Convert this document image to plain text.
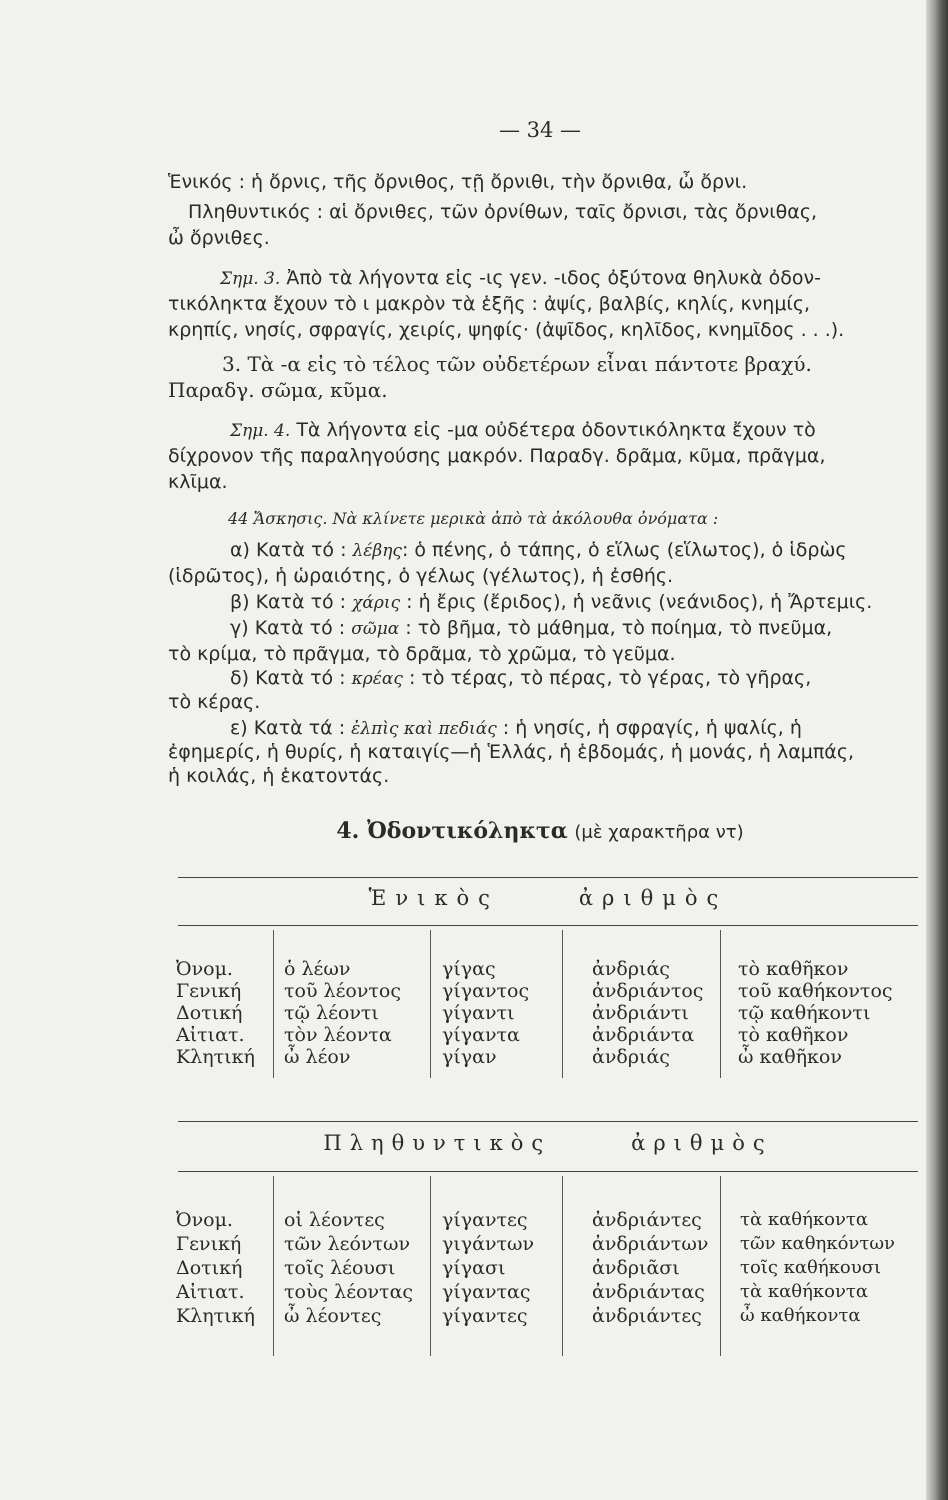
— 34 —
Ἑνικός : ἡ ὄρνις, τῆς ὄρνιθος, τῇ ὄρνιθι, τὴν ὄρνιθα, ὦ ὄρνι.
Πληθυντικός : αἱ ὄρνιθες, τῶν ὀρνίθων, ταῖς ὄρνισι, τὰς ὄρνιθας,
ὦ ὄρνιθες.
Σημ. 3. Ἀπὸ τὰ λήγοντα εἰς -ις γεν. -ιδος ὀξύτονα θηλυκὰ ὀδον-
τικόληκτα ἔχουν τὸ ι μακρὸν τὰ ἑξῆς : ἀψίς, βαλβίς, κηλίς, κνημίς,
κρηπίς, νησίς, σφραγίς, χειρίς, ψηφίς· (ἀψῖδος, κηλῖδος, κνημῖδος . . .).
3. Τὰ -α εἰς τὸ τέλος τῶν οὐδετέρων εἶναι πάντοτε βραχύ.
Παραδγ. σῶμα, κῦμα.
Σημ. 4. Τὰ λήγοντα εἰς -μα οὐδέτερα ὀδοντικόληκτα ἔχουν τὸ
δίχρονον τῆς παραληγούσης μακρόν. Παραδγ. δρᾶμα, κῦμα, πρᾶγμα,
κλῖμα.
44 Ἄσκησις. Νὰ κλίνετε μερικὰ ἀπὸ τὰ ἀκόλουθα ὀνόματα :
α) Κατὰ τό : λέβης: ὁ πένης, ὁ τάπης, ὁ εἵλως (εἵλωτος), ὁ ἱδρὼς
(ἱδρῶτος), ἡ ὡραιότης, ὁ γέλως (γέλωτος), ἡ ἐσθής.
β) Κατὰ τό : χάρις : ἡ ἔρις (ἔριδος), ἡ νεᾶνις (νεάνιδος), ἡ Ἄρτεμις.
γ) Κατὰ τό : σῶμα : τὸ βῆμα, τὸ μάθημα, τὸ ποίημα, τὸ πνεῦμα,
τὸ κρίμα, τὸ πρᾶγμα, τὸ δρᾶμα, τὸ χρῶμα, τὸ γεῦμα.
δ) Κατὰ τό : κρέας : τὸ τέρας, τὸ πέρας, τὸ γέρας, τὸ γῆρας,
τὸ κέρας.
ε) Κατὰ τά : ἐλπὶς καὶ πεδιάς : ἡ νησίς, ἡ σφραγίς, ἡ ψαλίς, ἡ
ἐφημερίς, ἡ θυρίς, ἡ καταιγίς—ἡ Ἑλλάς, ἡ ἑβδομάς, ἡ μονάς, ἡ λαμπάς,
ἡ κοιλάς, ἡ ἑκατοντάς.
4. Ὀδοντικόληκτα (μὲ χαρακτῆρα ντ)
Ἑνικὸς	ἀριθμὸς
Ὀνομ.
Γενική
Δοτική
Αἰτιατ.
Κλητική
ὁ λέων
τοῦ λέοντος
τῷ λέοντι
τὸν λέοντα
ὦ λέον
γίγας
γίγαντος
γίγαντι
γίγαντα
γίγαν
ἀνδριάς
ἀνδριάντος
ἀνδριάντι
ἀνδριάντα
ἀνδριάς
τὸ καθῆκον
τοῦ καθήκοντος
τῷ καθήκοντι
τὸ καθῆκον
ὦ καθῆκον
Πληθυντικὸς	ἀριθμὸς
Ὀνομ.
Γενική
Δοτική
Αἰτιατ.
Κλητική
οἱ λέοντες
τῶν λεόντων
τοῖς λέουσι
τοὺς λέοντας
ὦ λέοντες
γίγαντες
γιγάντων
γίγασι
γίγαντας
γίγαντες
ἀνδριάντες
ἀνδριάντων
ἀνδριᾶσι
ἀνδριάντας
ἀνδριάντες
τὰ καθήκοντα
τῶν καθηκόντων
τοῖς καθήκουσι
τὰ καθήκοντα
ὦ καθήκοντα
